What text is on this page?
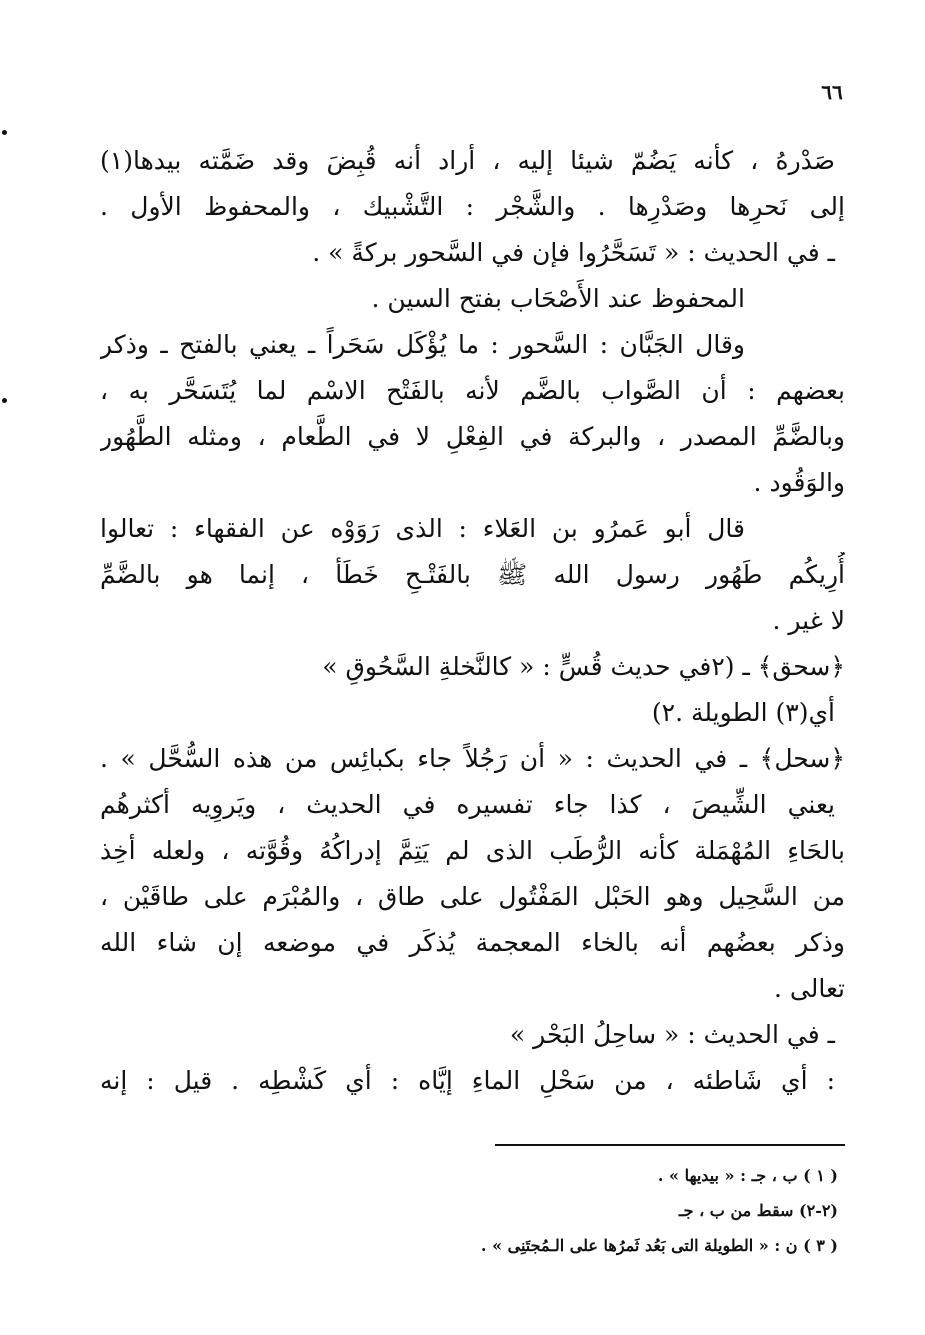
٦٦
صَدْرهُ ، كأنه يَضُمّ شيئا إليه ، أراد أنه قُبِضَ وقد ضَمَّته بيدها(١)
إلى نَحرِها وصَدْرِها . والشَّجْر : التَّشْبيك ، والمحفوظ الأول .
ـ في الحديث : « تَسَحَّرُوا فإن في السَّحور بركةً » .
المحفوظ عند الأَصْحَاب بفتح السين .
وقال الجَبَّان : السَّحور : ما يُؤْكَل سَحَراً ـ يعني بالفتح ـ وذكر
بعضهم : أن الصَّواب بالضَّم لأنه بالفَتْح الاسْم لما يُتَسَحَّر به ،
وبالضَّمِّ المصدر ، والبركة في الفِعْلِ لا في الطَّعام ، ومثله الطَّهُور
والوَقُود .
قال أبو عَمرُو بن العَلاء : الذى رَوَوْه عن الفقهاء : تعالوا
أُرِيكُم طَهُور رسول الله ﷺ بالفَتْـحِ خَطَأ ، إنما هو بالضَّمِّ
لا غير .
﴿سحق﴾ ـ (٢في حديث قُسٍّ : « كالنَّخلةِ السَّحُوقِ »
أي(٣) الطويلة .٢)
﴿سحل﴾ ـ في الحديث : « أن رَجُلاً جاء بكبائِس من هذه السُّحَّل » .
يعني الشِّيصَ ، كذا جاء تفسيره في الحديث ، ويَروِيه أكثرهُم
بالحَاءِ المُهْمَلة كأنه الرُّطَب الذى لم يَتِمَّ إدراكُهُ وقُوَّته ، ولعله أخِذ
من السَّحِيل وهو الحَبْل المَفْتُول على طاق ، والمُبْرَم على طاقَيْن ،
وذكر بعضُهم أنه بالخاء المعجمة يُذكَر في موضعه إن شاء الله
تعالى .
ـ في الحديث : « ساحِلُ البَحْر »
: أي شَاطئه ، من سَحْلِ الماءِ إيَّاه : أي كَشْطِه . قيل : إنه
( ١ ) ب ، جـ : « بيديها » .
(٢-٢) سقط من ب ، جـ
( ٣ ) ن : « الطويلة التى بَعُد ثَمرُها على الـمُجتَنِى » .
